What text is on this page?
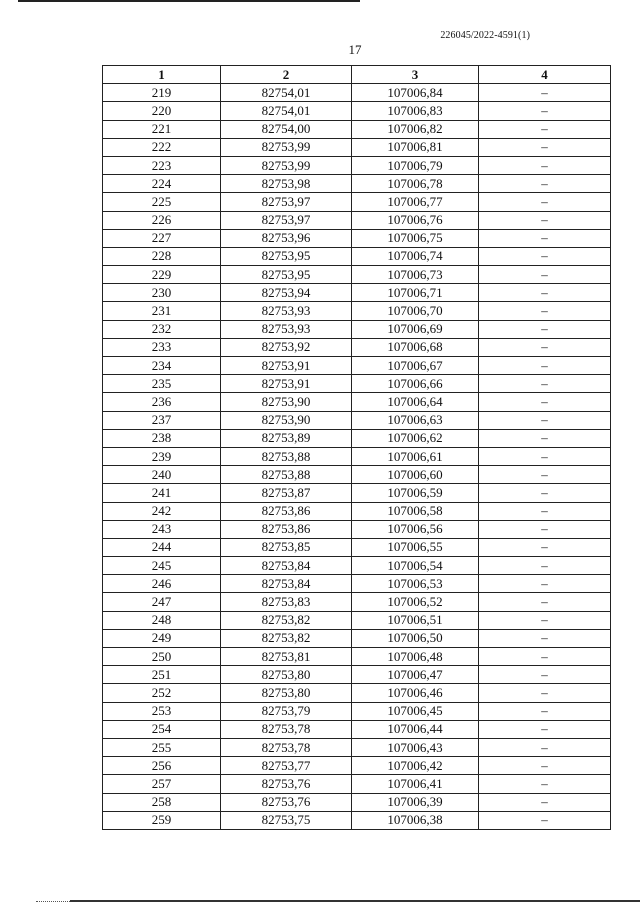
226045/2022-4591(1)
17
1	2	3	4
219	82754,01	107006,84	–
220	82754,01	107006,83	–
221	82754,00	107006,82	–
222	82753,99	107006,81	–
223	82753,99	107006,79	–
224	82753,98	107006,78	–
225	82753,97	107006,77	–
226	82753,97	107006,76	–
227	82753,96	107006,75	–
228	82753,95	107006,74	–
229	82753,95	107006,73	–
230	82753,94	107006,71	–
231	82753,93	107006,70	–
232	82753,93	107006,69	–
233	82753,92	107006,68	–
234	82753,91	107006,67	–
235	82753,91	107006,66	–
236	82753,90	107006,64	–
237	82753,90	107006,63	–
238	82753,89	107006,62	–
239	82753,88	107006,61	–
240	82753,88	107006,60	–
241	82753,87	107006,59	–
242	82753,86	107006,58	–
243	82753,86	107006,56	–
244	82753,85	107006,55	–
245	82753,84	107006,54	–
246	82753,84	107006,53	–
247	82753,83	107006,52	–
248	82753,82	107006,51	–
249	82753,82	107006,50	–
250	82753,81	107006,48	–
251	82753,80	107006,47	–
252	82753,80	107006,46	–
253	82753,79	107006,45	–
254	82753,78	107006,44	–
255	82753,78	107006,43	–
256	82753,77	107006,42	–
257	82753,76	107006,41	–
258	82753,76	107006,39	–
259	82753,75	107006,38	–
